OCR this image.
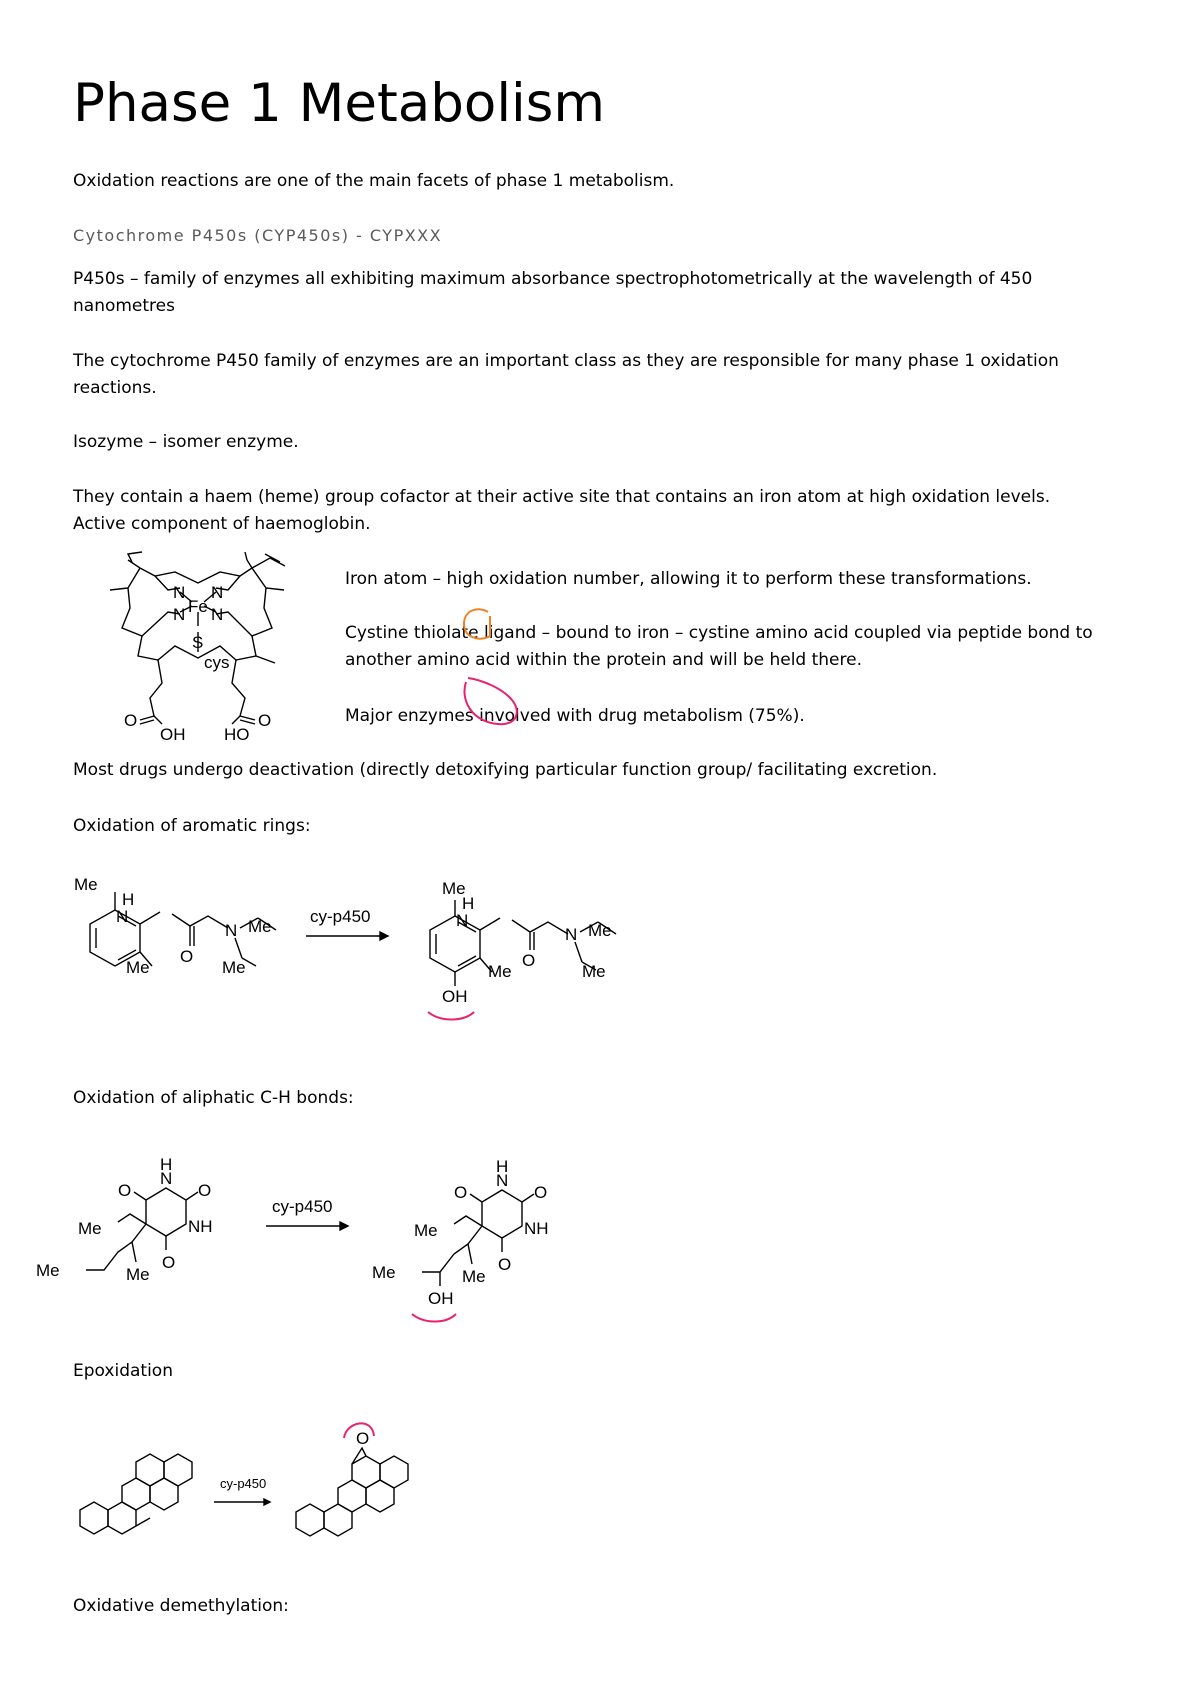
Phase 1 Metabolism
Oxidation reactions are one of the main facets of phase 1 metabolism.
Cytochrome P450s (CYP450s) - CYPXXX
P450s – family of enzymes all exhibiting maximum absorbance spectrophotometrically at the wavelength of 450 nanometres
The cytochrome P450 family of enzymes are an important class as they are responsible for many phase 1 oxidation reactions.
Isozyme – isomer enzyme.
They contain a haem (heme) group cofactor at their active site that contains an iron atom at high oxidation levels.
Active component of haemoglobin.
N N
Fe
N N
S
cys
O
OH HO
O
Iron atom – high oxidation number, allowing it to perform these transformations.
Cystine thiolate ligand – bound to iron – cystine amino acid coupled via peptide bond to another amino acid within the protein and will be held there.
Major enzymes involved with drug metabolism (75%).
Most drugs undergo deactivation (directly detoxifying particular function group/ facilitating excretion.
Oxidation of aromatic rings:
Me
H
N
O
N Me
Me	Me
cy-p450
Me
H
N
O
N Me
Me	Me
OH
Oxidation of aliphatic C-H bonds:
N
H
O	O
NH
O
Me
Me	Me
cy-p450
N
H
O	O
NH
O
Me
Me	Me
OH
Epoxidation
cy-p450
O
Oxidative demethylation:
